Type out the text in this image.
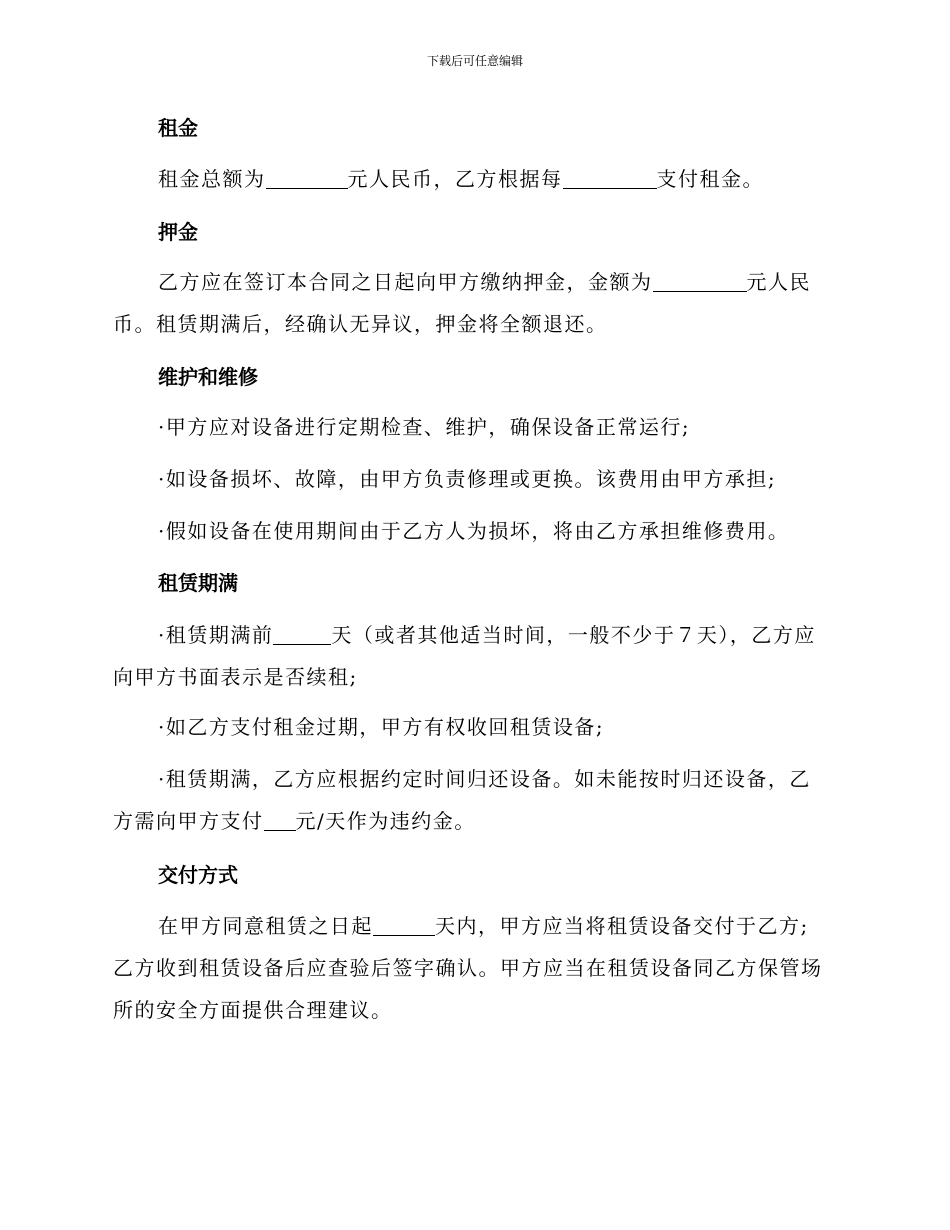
下载后可任意编辑
租金
租金总额为	元人民币，乙方根据每	支付租金。
押金
乙方应在签订本合同之日起向甲方缴纳押金，金额为	元人民
币。租赁期满后，经确认无异议，押金将全额退还。
维护和维修
·甲方应对设备进行定期检查、维护，确保设备正常运行;
·如设备损坏、故障，由甲方负责修理或更换。该费用由甲方承担;
·假如设备在使用期间由于乙方人为损坏，将由乙方承担维修费用。
租赁期满
·租赁期满前	天（或者其他适当时间，一般不少于７天），乙方应
向甲方书面表示是否续租;
·如乙方支付租金过期，甲方有权收回租赁设备;
·租赁期满，乙方应根据约定时间归还设备。如未能按时归还设备，乙
方需向甲方支付 元/天作为违约金。
交付方式
在甲方同意租赁之日起	天内，甲方应当将租赁设备交付于乙方;
乙方收到租赁设备后应查验后签字确认。甲方应当在租赁设备同乙方保管场
所的安全方面提供合理建议。
